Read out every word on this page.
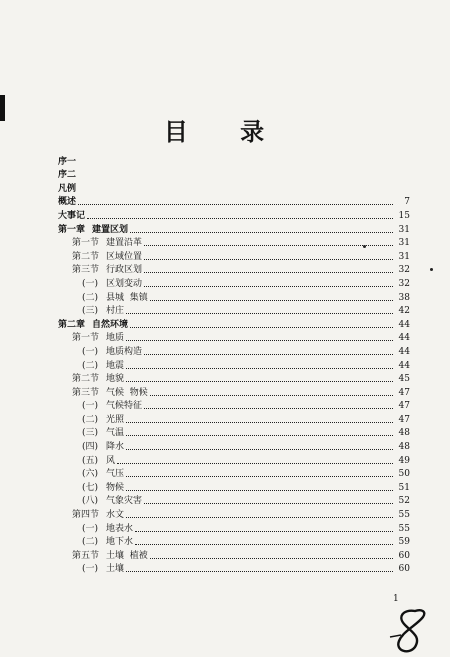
目 录
序一
序二
凡例
概述	7
大事记	15
第一章 建置区划	31
第一节 建置沿革	31
第二节 区域位置	31
第三节 行政区划	32
(一) 区划变动	32
(二) 县城  集镇	38
(三) 村庄	42
第二章 自然环境	44
第一节 地质	44
(一) 地质构造	44
(二) 地震	44
第二节 地貌	45
第三节 气候  物候	47
(一) 气候特征	47
(二) 光照	47
(三) 气温	48
(四) 降水	48
(五) 风	49
(六) 气压	50
(七) 物候	51
(八) 气象灾害	52
第四节 水文	55
(一) 地表水	55
(二) 地下水	59
第五节 土壤  植被	60
(一) 土壤	60
1
